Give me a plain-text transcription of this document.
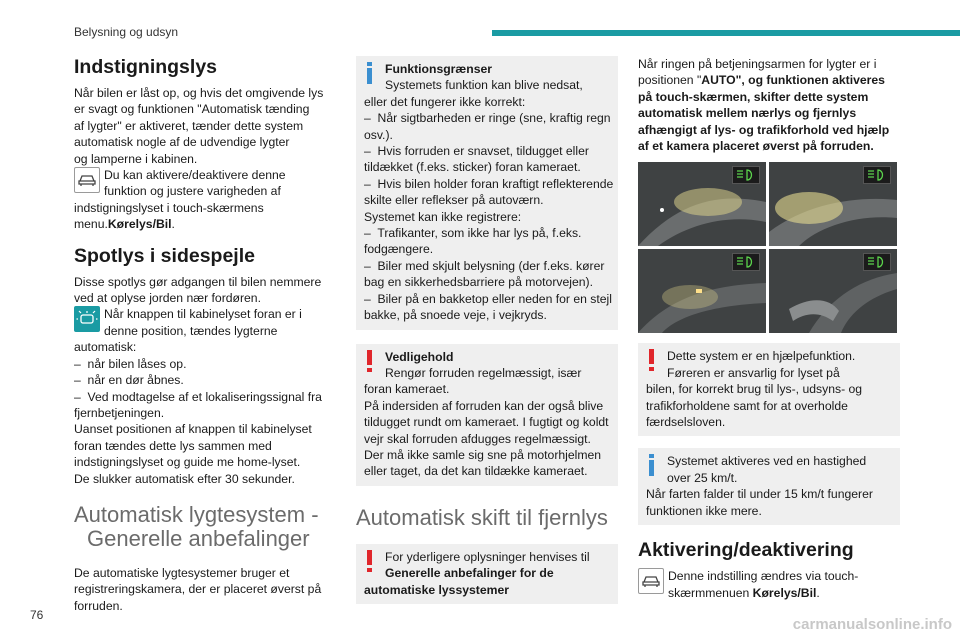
Belysning og udsyn
Indstigningslys
Når bilen er låst op, og hvis det omgivende lys
er svagt og funktionen "Automatisk tænding
af lygter" er aktiveret, tænder dette system
automatisk nogle af de udvendige lygter
og lamperne i kabinen.
Du kan aktivere/deaktivere denne
funktion og justere varigheden af
indstigningslyset i touch-skærmens
menu.Kørelys/Bil.
Spotlys i sidespejle
Disse spotlys gør adgangen til bilen nemmere
ved at oplyse jorden nær fordøren.
Når knappen til kabinelyset foran er i
denne position, tændes lygterne
automatisk:
–  når bilen låses op.
–  når en dør åbnes.
–  Ved modtagelse af et lokaliseringssignal fra
fjernbetjeningen.
Uanset positionen af knappen til kabinelyset
foran tændes dette lys sammen med
indstigningslyset og guide me home-lyset.
De slukker automatisk efter 30 sekunder.
Automatisk lygtesystem -
Generelle anbefalinger
De automatiske lygtesystemer bruger et
registreringskamera, der er placeret øverst på
forruden.
Funktionsgrænser
Systemets funktion kan blive nedsat,
eller det fungerer ikke korrekt:
–  Når sigtbarheden er ringe (sne, kraftig regn
osv.).
–  Hvis forruden er snavset, tildugget eller
tildækket (f.eks. sticker) foran kameraet.
–  Hvis bilen holder foran kraftigt reflekterende
skilte eller reflekser på autoværn.
Systemet kan ikke registrere:
–  Trafikanter, som ikke har lys på, f.eks.
fodgængere.
–  Biler med skjult belysning (der f.eks. kører
bag en sikkerhedsbarriere på motorvejen).
–  Biler på en bakketop eller neden for en stejl
bakke, på snoede veje, i vejkryds.
Vedligehold
Rengør forruden regelmæssigt, især
foran kameraet.
På indersiden af forruden kan der også blive
tildugget rundt om kameraet. I fugtigt og koldt
vejr skal forruden afdugges regelmæssigt.
Der må ikke samle sig sne på motorhjelmen
eller taget, da det kan tildække kameraet.
Automatisk skift til fjernlys
For yderligere oplysninger henvises til
Generelle anbefalinger for de
automatiske lyssystemer
Når ringen på betjeningsarmen for lygter er i
positionen "AUTO", og funktionen aktiveres
på touch-skærmen, skifter dette system
automatisk mellem nærlys og fjernlys
afhængigt af lys- og trafikforhold ved hjælp
af et kamera placeret øverst på forruden.
Dette system er en hjælpefunktion.
Føreren er ansvarlig for lyset på
bilen, for korrekt brug til lys-, udsyns- og
trafikforholdene samt for at overholde
færdselsloven.
Systemet aktiveres ved en hastighed
over 25 km/t.
Når farten falder til under 15 km/t fungerer
funktionen ikke mere.
Aktivering/deaktivering
Denne indstilling ændres via touch-
skærmmenuen Kørelys/Bil.
76
carmanualsonline.info
